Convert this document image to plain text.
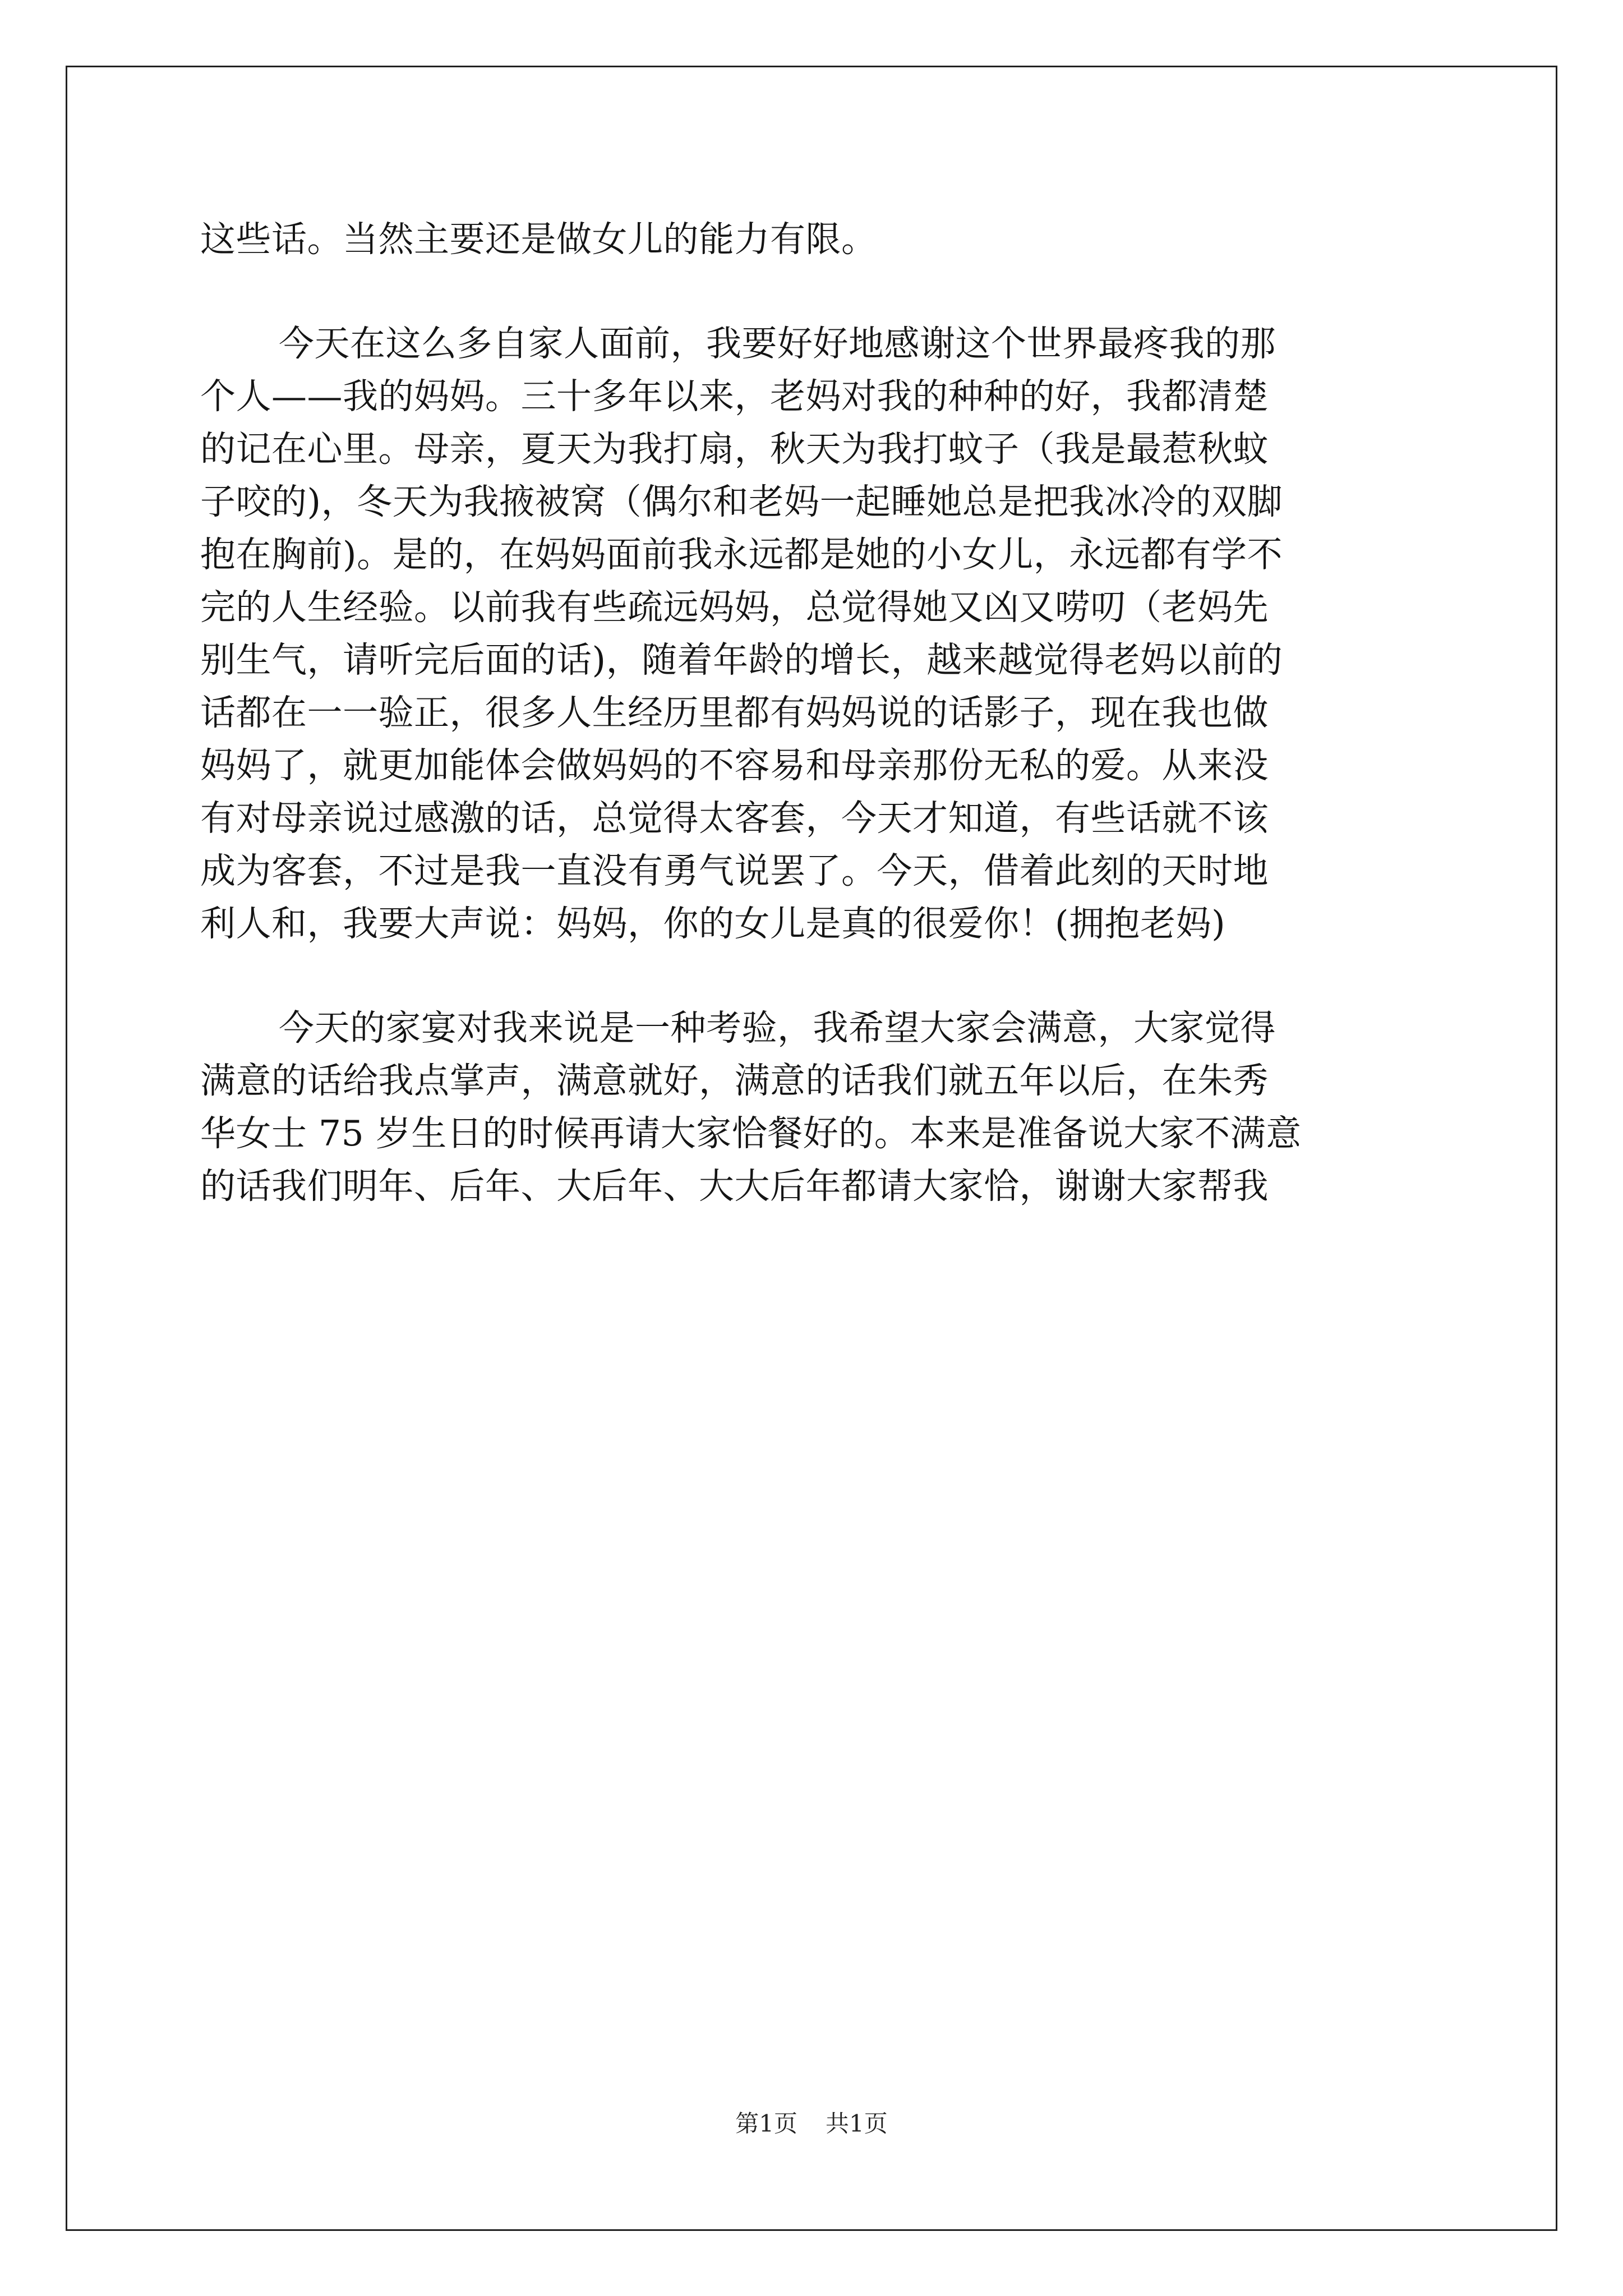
这些话。当然主要还是做女儿的能力有限。
今天在这么多自家人面前，我要好好地感谢这个世界最疼我的那
个人——我的妈妈。三十多年以来，老妈对我的种种的好，我都清楚
的记在心里。母亲，夏天为我打扇，秋天为我打蚊子（我是最惹秋蚊
子咬的)，冬天为我掖被窝（偶尔和老妈一起睡她总是把我冰冷的双脚
抱在胸前)。是的，在妈妈面前我永远都是她的小女儿，永远都有学不
完的人生经验。以前我有些疏远妈妈，总觉得她又凶又唠叨（老妈先
别生气，请听完后面的话)，随着年龄的增长，越来越觉得老妈以前的
话都在一一验正，很多人生经历里都有妈妈说的话影子，现在我也做
妈妈了，就更加能体会做妈妈的不容易和母亲那份无私的爱。从来没
有对母亲说过感激的话，总觉得太客套，今天才知道，有些话就不该
成为客套，不过是我一直没有勇气说罢了。今天，借着此刻的天时地
利人和，我要大声说：妈妈，你的女儿是真的很爱你！(拥抱老妈)
今天的家宴对我来说是一种考验，我希望大家会满意，大家觉得
满意的话给我点掌声，满意就好，满意的话我们就五年以后，在朱秀
华女士 75 岁生日的时候再请大家恰餐好的。本来是准备说大家不满意
的话我们明年、后年、大后年、大大后年都请大家恰，谢谢大家帮我
第1页 共1页
